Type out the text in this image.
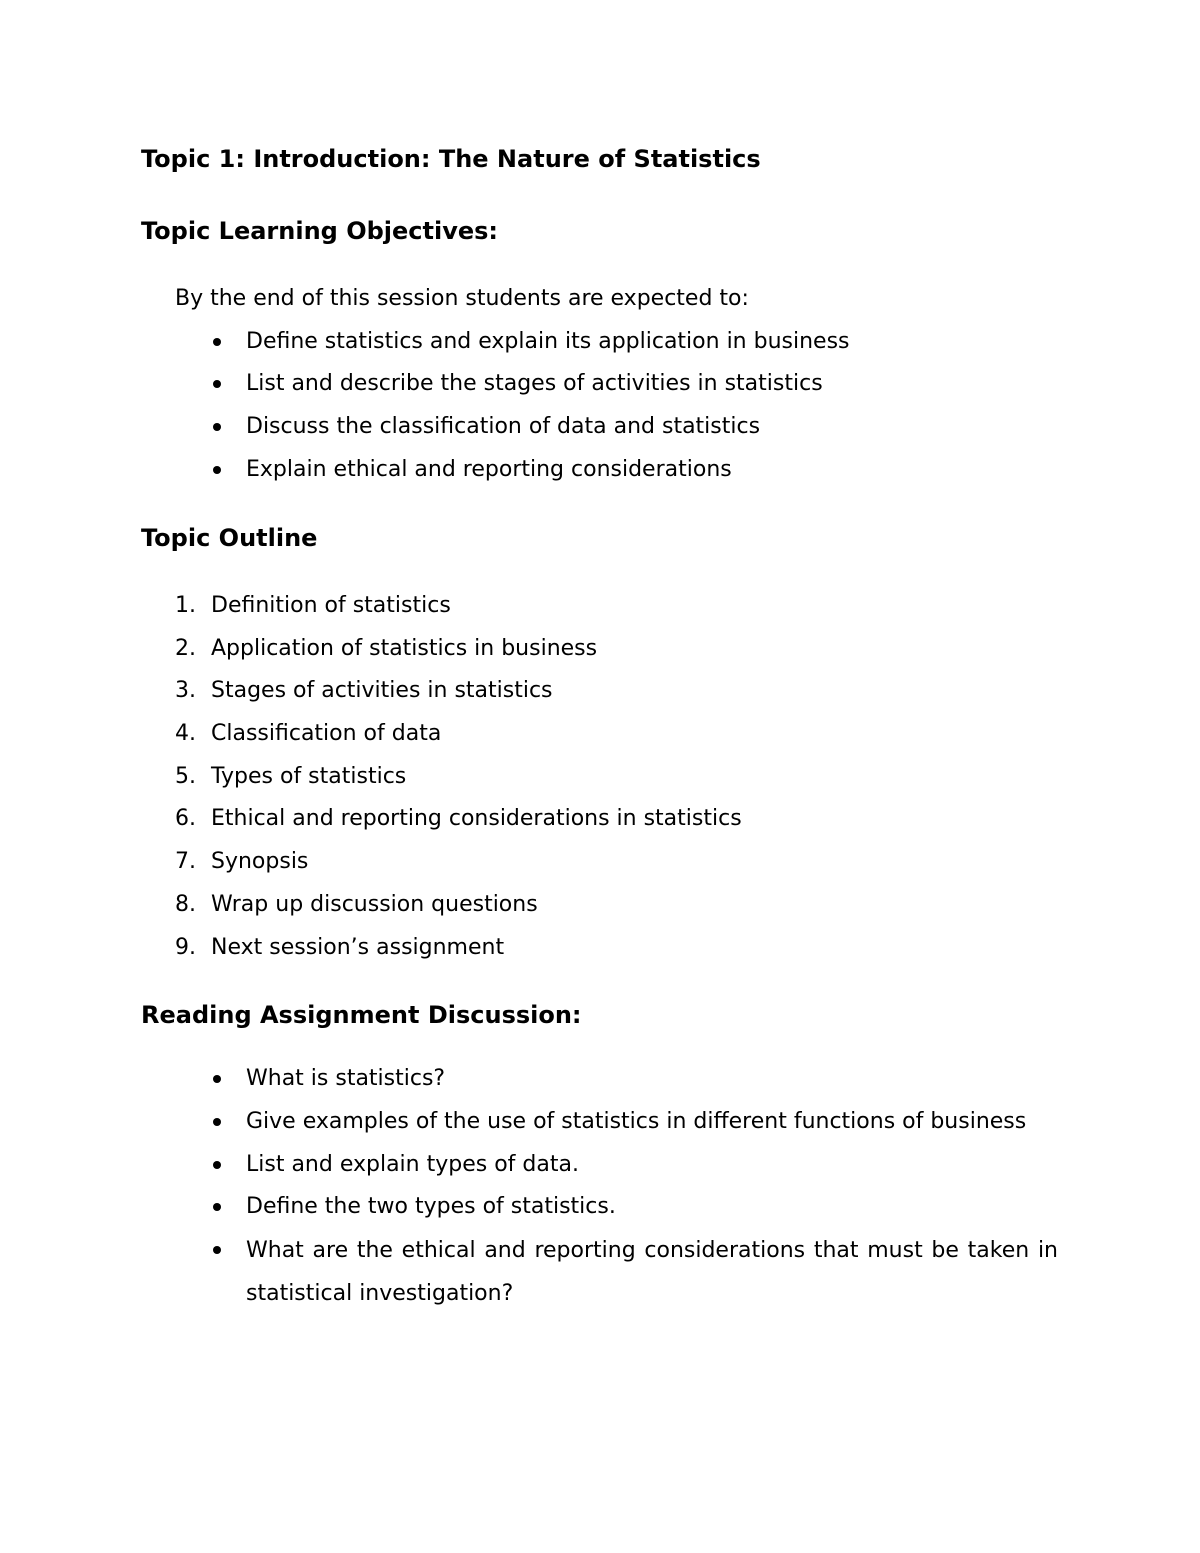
Topic 1: Introduction: The Nature of Statistics
Topic Learning Objectives:
By the end of this session students are expected to:
Define statistics and explain its application in business
List and describe the stages of activities in statistics
Discuss the classification of data and statistics
Explain ethical and reporting considerations
Topic Outline
1. Definition of statistics
2. Application of statistics in business
3. Stages of activities in statistics
4. Classification of data
5. Types of statistics
6. Ethical and reporting considerations in statistics
7. Synopsis
8. Wrap up discussion questions
9. Next session’s assignment
Reading Assignment Discussion:
What is statistics?
Give examples of the use of statistics in different functions of business
List and explain types of data.
Define the two types of statistics.
What are the ethical and reporting considerations that must be taken in statistical investigation?
